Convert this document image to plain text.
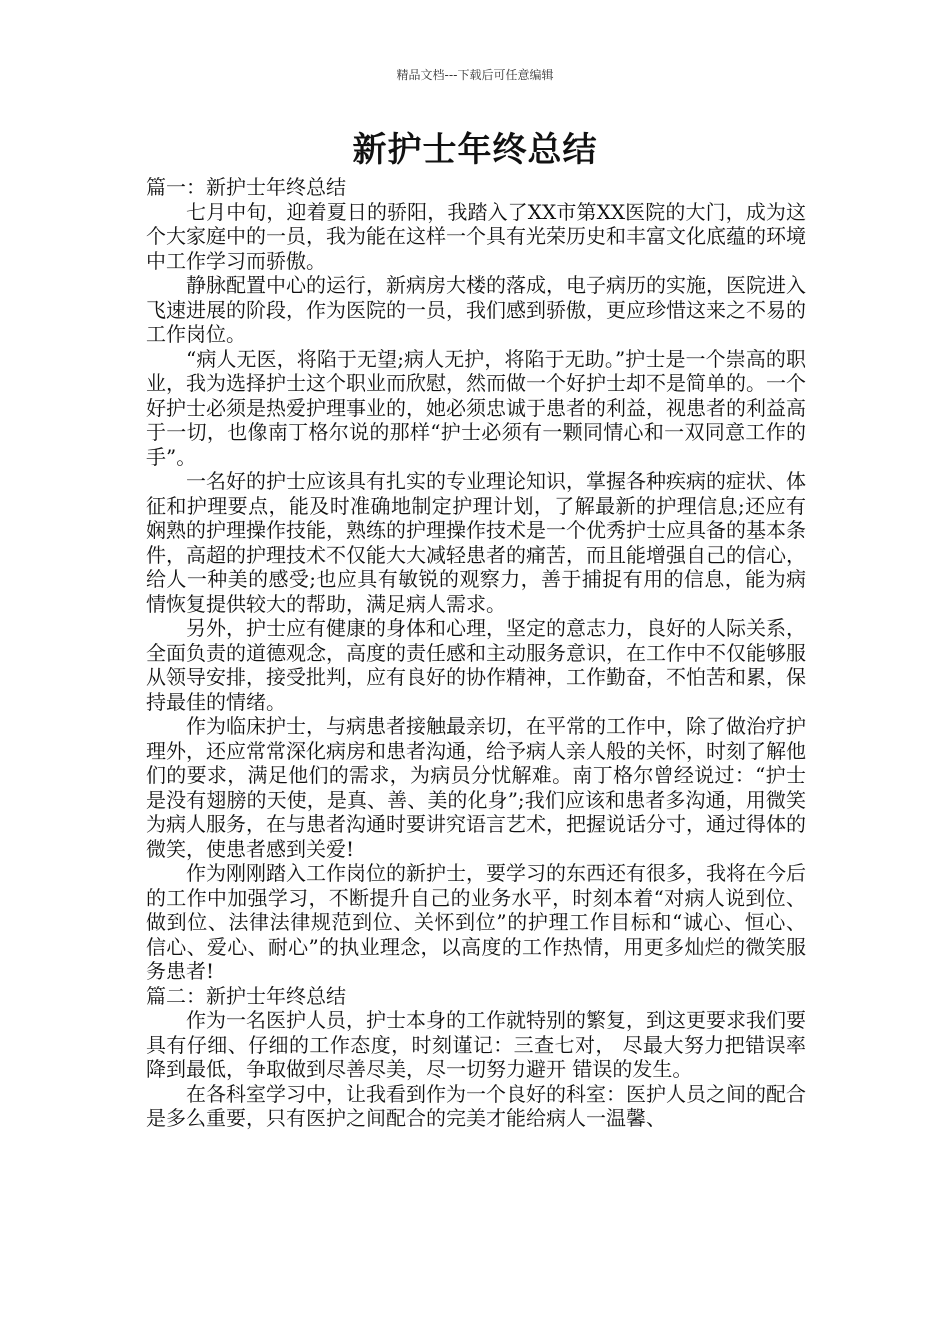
精品文档---下载后可任意编辑
新护士年终总结

篇一：新护士年终总结

七月中旬，迎着夏日的骄阳，我踏入了XX市第XX医院的大门，成为这个大家庭中的一员，我为能在这样一个具有光荣历史和丰富文化底蕴的环境中工作学习而骄傲。

静脉配置中心的运行，新病房大楼的落成，电子病历的实施，医院进入飞速进展的阶段，作为医院的一员，我们感到骄傲，更应珍惜这来之不易的工作岗位。

“病人无医，将陷于无望;病人无护，将陷于无助。”护士是一个崇高的职业，我为选择护士这个职业而欣慰，然而做一个好护士却不是简单的。一个好护士必须是热爱护理事业的，她必须忠诚于患者的利益，视患者的利益高于一切，也像南丁格尔说的那样“护士必须有一颗同情心和一双同意工作的手”。

一名好的护士应该具有扎实的专业理论知识，掌握各种疾病的症状、体征和护理要点，能及时准确地制定护理计划，了解最新的护理信息;还应有娴熟的护理操作技能，熟练的护理操作技术是一个优秀护士应具备的基本条件，高超的护理技术不仅能大大减轻患者的痛苦，而且能增强自己的信心，给人一种美的感受;也应具有敏锐的观察力，善于捕捉有用的信息，能为病情恢复提供较大的帮助，满足病人需求。

另外，护士应有健康的身体和心理，坚定的意志力，良好的人际关系，全面负责的道德观念，高度的责任感和主动服务意识，在工作中不仅能够服从领导安排，接受批判，应有良好的协作精神，工作勤奋，不怕苦和累，保持最佳的情绪。

作为临床护士，与病患者接触最亲切，在平常的工作中，除了做治疗护理外，还应常常深化病房和患者沟通，给予病人亲人般的关怀，时刻了解他们的要求，满足他们的需求，为病员分忧解难。南丁格尔曾经说过：“护士是没有翅膀的天使，是真、善、美的化身”;我们应该和患者多沟通，用微笑为病人服务，在与患者沟通时要讲究语言艺术，把握说话分寸，通过得体的微笑，使患者感到关爱!

作为刚刚踏入工作岗位的新护士，要学习的东西还有很多，我将在今后的工作中加强学习，不断提升自己的业务水平，时刻本着“对病人说到位、做到位、法律法律规范到位、关怀到位”的护理工作目标和“诚心、恒心、信心、爱心、耐心”的执业理念，以高度的工作热情，用更多灿烂的微笑服务患者!

篇二：新护士年终总结

作为一名医护人员，护士本身的工作就特别的繁复，到这更要求我们要具有仔细、仔细的工作态度，时刻谨记：三查七对， 尽最大努力把错误率降到最低，争取做到尽善尽美，尽一切努力避开 错误的发生。

在各科室学习中，让我看到作为一个良好的科室：医护人员之间的配合是多么重要，只有医护之间配合的完美才能给病人一温馨、
